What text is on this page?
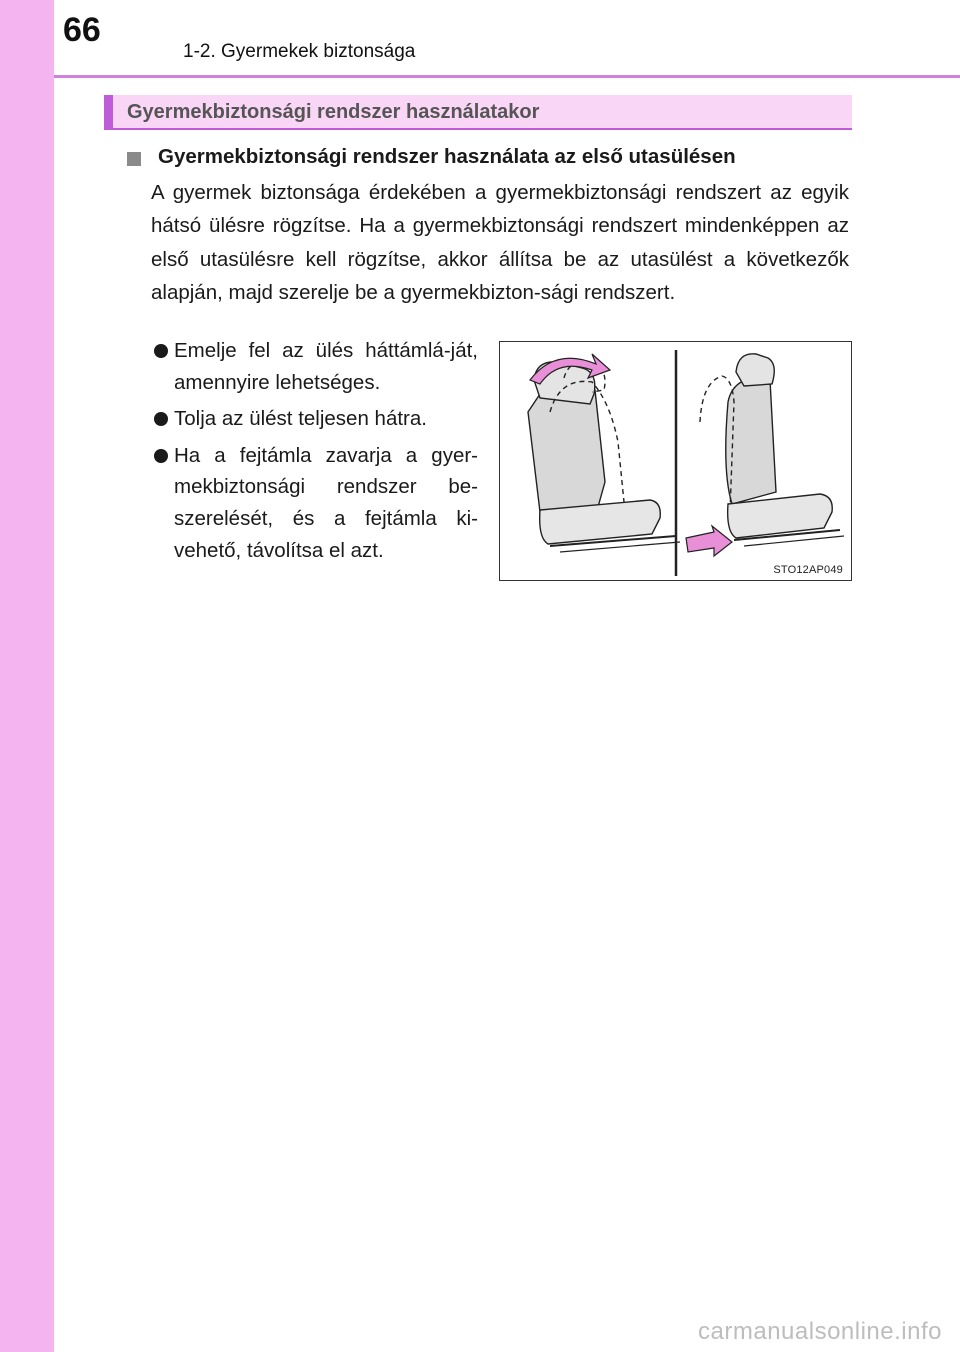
66
1-2. Gyermekek biztonsága
Gyermekbiztonsági rendszer használatakor
Gyermekbiztonsági rendszer használata az első utasülésen

A gyermek biztonsága érdekében a gyermekbiztonsági rendszert az egyik hátsó ülésre rögzítse. Ha a gyermekbiztonsági rendszert mindenképpen az első utasülésre kell rögzítse, akkor állítsa be az utasülést a következők alapján, majd szerelje be a gyermekbizton-sági rendszert.

Emelje fel az ülés háttámlá-ját, amennyire lehetséges.
Tolja az ülést teljesen hátra.
Ha a fejtámla zavarja a gyer-mekbiztonsági rendszer be-szerelését, és a fejtámla ki-vehető, távolítsa el azt.
STO12AP049
carmanualsonline.info
